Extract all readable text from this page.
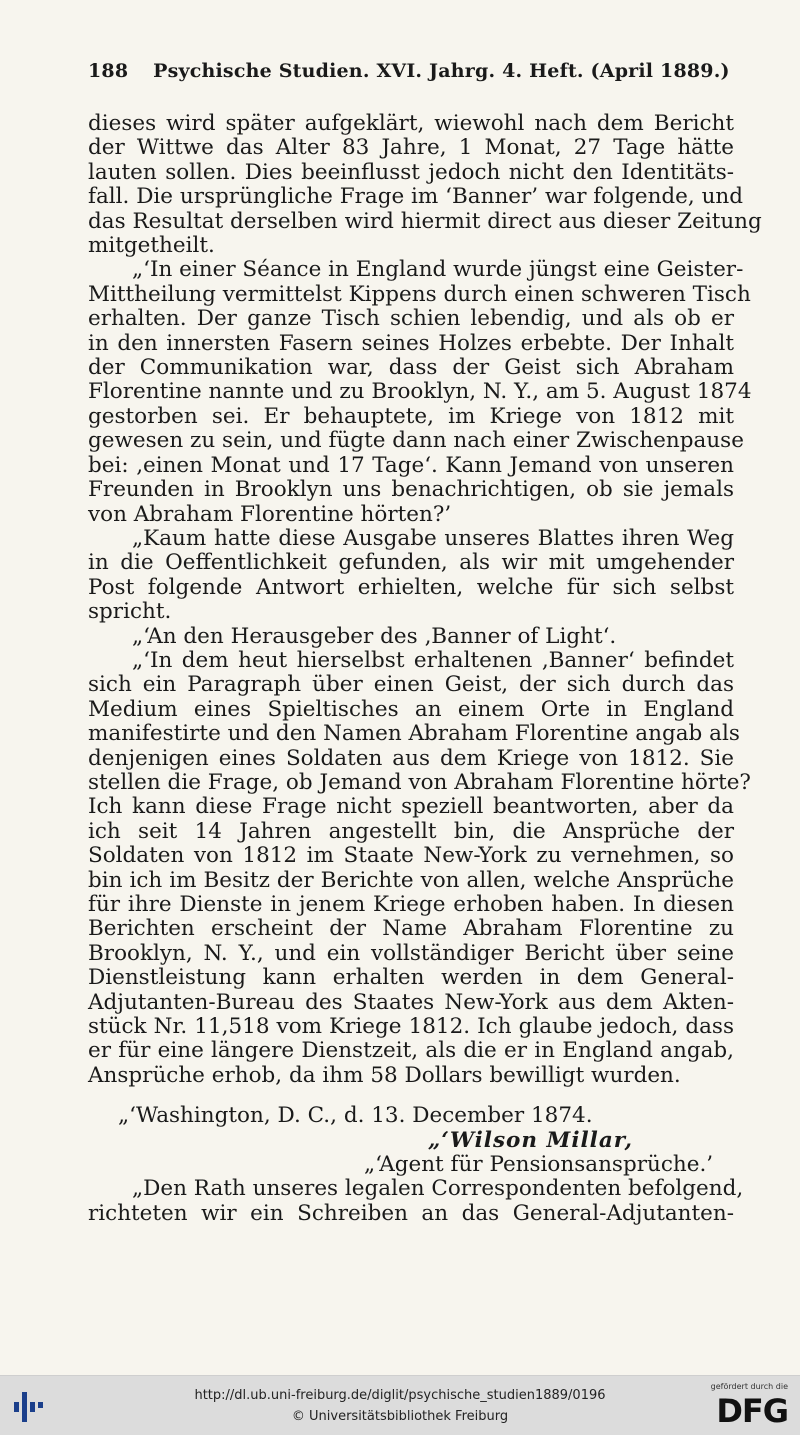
188 Psychische Studien. XVI. Jahrg. 4. Heft. (April 1889.)
dieses wird später aufgeklärt, wiewohl nach dem Bericht
der Wittwe das Alter 83 Jahre, 1 Monat, 27 Tage hätte
lauten sollen. Dies beeinflusst jedoch nicht den Identitäts-
fall. Die ursprüngliche Frage im ‘Banner’ war folgende, und
das Resultat derselben wird hiermit direct aus dieser Zeitung
mitgetheilt.
„‘In einer Séance in England wurde jüngst eine Geister-
Mittheilung vermittelst Kippens durch einen schweren Tisch
erhalten. Der ganze Tisch schien lebendig, und als ob er
in den innersten Fasern seines Holzes erbebte. Der Inhalt
der Communikation war, dass der Geist sich Abraham
Florentine nannte und zu Brooklyn, N. Y., am 5. August 1874
gestorben sei. Er behauptete, im Kriege von 1812 mit
gewesen zu sein, und fügte dann nach einer Zwischenpause
bei: ‚einen Monat und 17 Tage‘. Kann Jemand von unseren
Freunden in Brooklyn uns benachrichtigen, ob sie jemals
von Abraham Florentine hörten?’
„Kaum hatte diese Ausgabe unseres Blattes ihren Weg
in die Oeffentlichkeit gefunden, als wir mit umgehender
Post folgende Antwort erhielten, welche für sich selbst
spricht.
„‘An den Herausgeber des ‚Banner of Light‘.
„‘In dem heut hierselbst erhaltenen ‚Banner‘ befindet
sich ein Paragraph über einen Geist, der sich durch das
Medium eines Spieltisches an einem Orte in England
manifestirte und den Namen Abraham Florentine angab als
denjenigen eines Soldaten aus dem Kriege von 1812. Sie
stellen die Frage, ob Jemand von Abraham Florentine hörte?
Ich kann diese Frage nicht speziell beantworten, aber da
ich seit 14 Jahren angestellt bin, die Ansprüche der
Soldaten von 1812 im Staate New-York zu vernehmen, so
bin ich im Besitz der Berichte von allen, welche Ansprüche
für ihre Dienste in jenem Kriege erhoben haben. In diesen
Berichten erscheint der Name Abraham Florentine zu
Brooklyn, N. Y., und ein vollständiger Bericht über seine
Dienstleistung kann erhalten werden in dem General-
Adjutanten-Bureau des Staates New-York aus dem Akten-
stück Nr. 11,518 vom Kriege 1812. Ich glaube jedoch, dass
er für eine längere Dienstzeit, als die er in England angab,
Ansprüche erhob, da ihm 58 Dollars bewilligt wurden.
„‘Washington, D. C., d. 13. December 1874.
„‘Wilson Millar,
„‘Agent für Pensionsansprüche.’
„Den Rath unseres legalen Correspondenten befolgend,
richteten wir ein Schreiben an das General-Adjutanten-
http://dl.ub.uni-freiburg.de/diglit/psychische_studien1889/0196
© Universitätsbibliothek Freiburg
gefördert durch die
DFG
